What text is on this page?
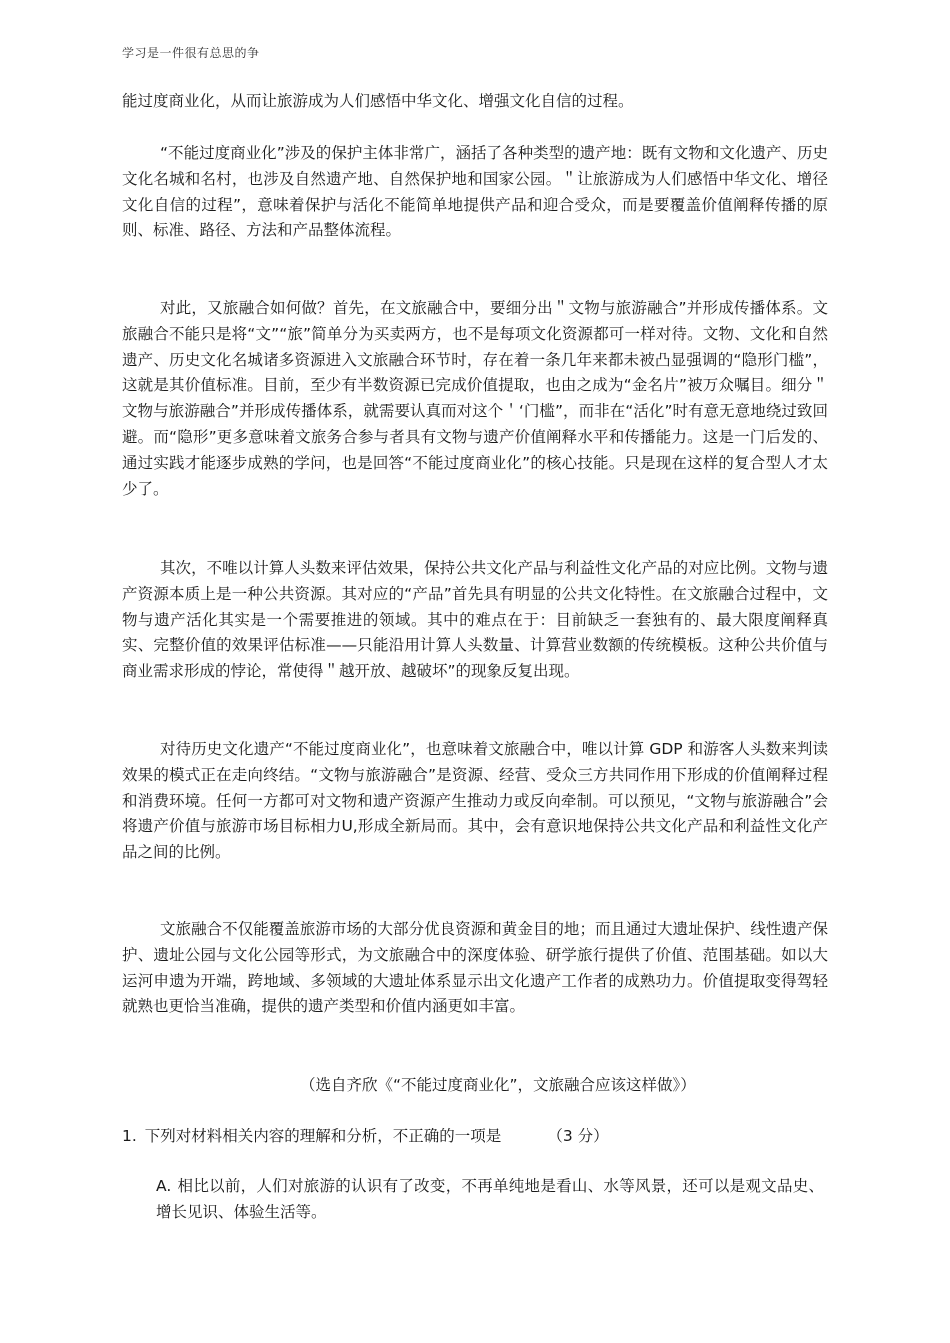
学习是一件很有总思的争

能过度商业化，从而让旅游成为人们感悟中华文化、增强文化自信的过程。

“不能过度商业化”涉及的保护主体非常广，涵括了各种类型的遗产地：既有文物和文化遗产、历史文化名城和名村，也涉及自然遗产地、自然保护地和国家公园。＂让旅游成为人们感悟中华文化、增径文化自信的过程”，意味着保护与活化不能简单地提供产品和迎合受众，而是要覆盖价值阐释传播的原则、标准、路径、方法和产品整体流程。

对此，又旅融合如何做？首先，在文旅融合中，要细分出＂文物与旅游融合”并形成传播体系。文旅融合不能只是将“文”“旅”简单分为买卖两方，也不是每项文化资源都可一样对待。文物、文化和自然遗产、历史文化名城诸多资源进入文旅融合环节时，存在着一条几年来都未被凸显强调的“隐形门槛”，这就是其价值标准。目前，至少有半数资源已完成价值提取，也由之成为“金名片”被万众嘱目。细分＂文物与旅游融合”并形成传播体系，就需要认真而对这个＇‘门槛”，而非在“活化”时有意无意地绕过致回避。而“隐形”更多意味着文旅务合参与者具有文物与遗产价值阐释水平和传播能力。这是一门后发的、通过实践才能逐步成熟的学问，也是回答“不能过度商业化”的核心技能。只是现在这样的复合型人才太少了。

其次，不唯以计算人头数来评估效果，保持公共文化产品与利益性文化产品的对应比例。文物与遗产资源本质上是一种公共资源。其对应的“产品”首先具有明显的公共文化特性。在文旅融合过程中，文物与遗产活化其实是一个需要推进的领域。其中的难点在于：目前缺乏一套独有的、最大限度阐释真实、完整价值的效果评估标准——只能沿用计算人头数量、计算营业数额的传统模板。这种公共价值与商业需求形成的悖论，常使得＂越开放、越破坏”的现象反复出现。

对待历史文化遗产“不能过度商业化”，也意味着文旅融合中，唯以计算 GDP 和游客人头数来判读效果的模式正在走向终结。“文物与旅游融合”是资源、经营、受众三方共同作用下形成的价值阐释过程和消费环境。任何一方都可对文物和遗产资源产生推动力或反向牵制。可以预见，“文物与旅游融合”会将遗产价值与旅游市场目标相力U,形成全新局而。其中，会有意识地保持公共文化产品和利益性文化产品之间的比例。

文旅融合不仅能覆盖旅游市场的大部分优良资源和黄金目的地；而且通过大遗址保护、线性遗产保护、遗址公园与文化公园等形式，为文旅融合中的深度体验、研学旅行提供了价值、范围基础。如以大运河申遗为开端，跨地域、多领域的大遗址体系显示出文化遗产工作者的成熟功力。价值提取变得驾轻就熟也更恰当准确，提供的遗产类型和价值内涵更如丰富。

（选自齐欣《“不能过度商业化”，文旅融合应该这样做》）
1. 下列对材料相关内容的理解和分析，不正确的一项是	（3 分）
A. 相比以前，人们对旅游的认识有了改变，不再单纯地是看山、水等风景，还可以是观文品史、增长见识、体验生活等。
